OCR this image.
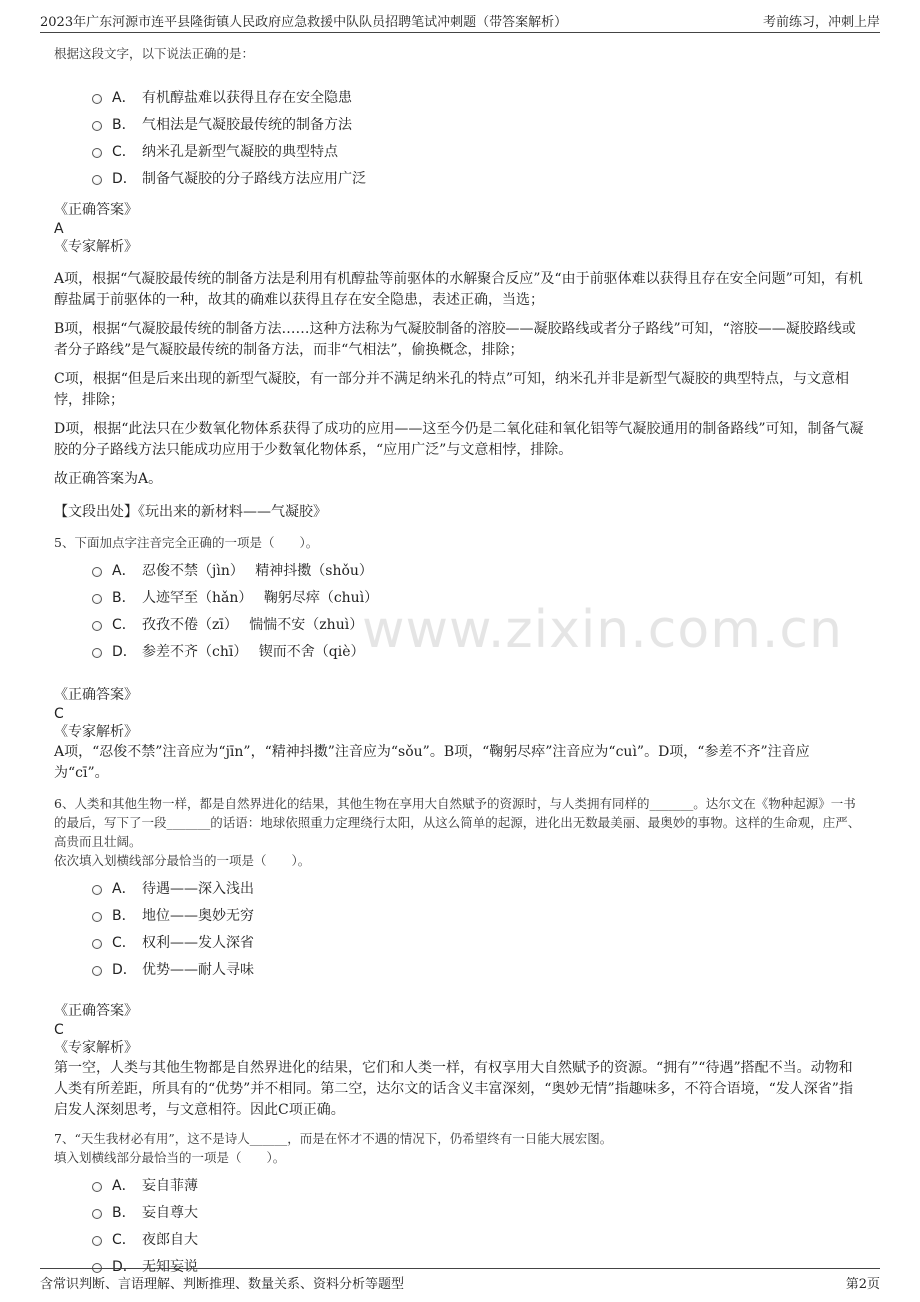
2023年广东河源市连平县隆街镇人民政府应急救援中队队员招聘笔试冲刺题（带答案解析）	考前练习，冲刺上岸
www.zixin.com.cn

根据这段文字，以下说法正确的是：

A． 有机醇盐难以获得且存在安全隐患
B． 气相法是气凝胶最传统的制备方法
C． 纳米孔是新型气凝胶的典型特点
D． 制备气凝胶的分子路线方法应用广泛

《正确答案》

A

《专家解析》

A项，根据“气凝胶最传统的制备方法是利用有机醇盐等前驱体的水解聚合反应”及“由于前驱体难以获得且存在安全问题”可知，有机醇盐属于前驱体的一种，故其的确难以获得且存在安全隐患，表述正确，当选；

B项，根据“气凝胶最传统的制备方法……这种方法称为气凝胶制备的溶胶——凝胶路线或者分子路线”可知，“溶胶——凝胶路线或者分子路线”是气凝胶最传统的制备方法，而非“气相法”，偷换概念，排除；

C项，根据“但是后来出现的新型气凝胶，有一部分并不满足纳米孔的特点”可知，纳米孔并非是新型气凝胶的典型特点，与文意相悖，排除；

D项，根据“此法只在少数氧化物体系获得了成功的应用——这至今仍是二氧化硅和氧化铝等气凝胶通用的制备路线”可知，制备气凝胶的分子路线方法只能成功应用于少数氧化物体系，“应用广泛”与文意相悖，排除。

故正确答案为A。

【文段出处】《玩出来的新材料——气凝胶》

5、下面加点字注音完全正确的一项是（　　）。

A． 忍俊不禁（jìn）　 精神抖擞（shǒu）
B． 人迹罕至（hǎn）　 鞠躬尽瘁（chuì）
C． 孜孜不倦（zī）　 惴惴不安（zhuì）
D． 参差不齐（chī）　 锲而不舍（qiè）

《正确答案》

C

《专家解析》

A项，“忍俊不禁”注音应为“jīn”，“精神抖擞”注音应为“sǒu”。B项，“鞠躬尽瘁”注音应为“cuì”。D项，“参差不齐”注音应为“cī”。

6、人类和其他生物一样，都是自然界进化的结果，其他生物在享用大自然赋予的资源时，与人类拥有同样的_______。达尔文在《物种起源》一书的最后，写下了一段_______的话语：地球依照重力定理绕行太阳，从这么简单的起源，进化出无数最美丽、最奥妙的事物。这样的生命观，庄严、高贵而且壮阔。

依次填入划横线部分最恰当的一项是（　　）。

A． 待遇——深入浅出
B． 地位——奥妙无穷
C． 权利——发人深省
D． 优势——耐人寻味

《正确答案》

C

《专家解析》

第一空，人类与其他生物都是自然界进化的结果，它们和人类一样，有权享用大自然赋予的资源。“拥有”“待遇”搭配不当。动物和人类有所差距，所具有的“优势”并不相同。第二空，达尔文的话含义丰富深刻，“奥妙无情”指趣味多，不符合语境，“发人深省”指启发人深刻思考，与文意相符。因此C项正确。

7、“天生我材必有用”，这不是诗人______，而是在怀才不遇的情况下，仍希望终有一日能大展宏图。

填入划横线部分最恰当的一项是（　　）。

A． 妄自菲薄
B． 妄自尊大
C． 夜郎自大
D． 无知妄说
含常识判断、言语理解、判断推理、数量关系、资料分析等题型	第2页
